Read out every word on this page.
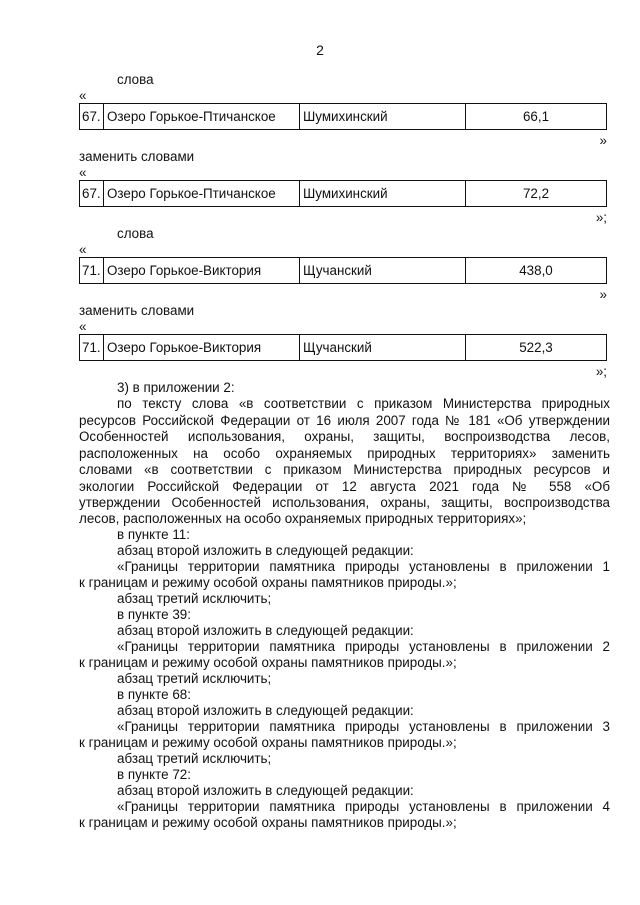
2
слова
«
67.	Озеро Горькое-Птичанское	Шумихинский	66,1
»
заменить словами
«
67.	Озеро Горькое-Птичанское	Шумихинский	72,2
»;
слова
«
71.	Озеро Горькое-Виктория	Щучанский	438,0
»
заменить словами
«
71.	Озеро Горькое-Виктория	Щучанский	522,3
»;
3) в приложении 2:
по тексту слова «в соответствии с приказом Министерства природных
ресурсов Российской Федерации от 16 июля 2007 года № 181 «Об утверждении
Особенностей использования, охраны, защиты, воспроизводства лесов,
расположенных на особо охраняемых природных территориях» заменить
словами «в соответствии с приказом Министерства природных ресурсов и
экологии Российской Федерации от 12 августа 2021 года № 558 «Об
утверждении Особенностей использования, охраны, защиты, воспроизводства
лесов, расположенных на особо охраняемых природных территориях»;
в пункте 11:
абзац второй изложить в следующей редакции:
«Границы территории памятника природы установлены в приложении 1
к границам и режиму особой охраны памятников природы.»;
абзац третий исключить;
в пункте 39:
абзац второй изложить в следующей редакции:
«Границы территории памятника природы установлены в приложении 2
к границам и режиму особой охраны памятников природы.»;
абзац третий исключить;
в пункте 68:
абзац второй изложить в следующей редакции:
«Границы территории памятника природы установлены в приложении 3
к границам и режиму особой охраны памятников природы.»;
абзац третий исключить;
в пункте 72:
абзац второй изложить в следующей редакции:
«Границы территории памятника природы установлены в приложении 4
к границам и режиму особой охраны памятников природы.»;
